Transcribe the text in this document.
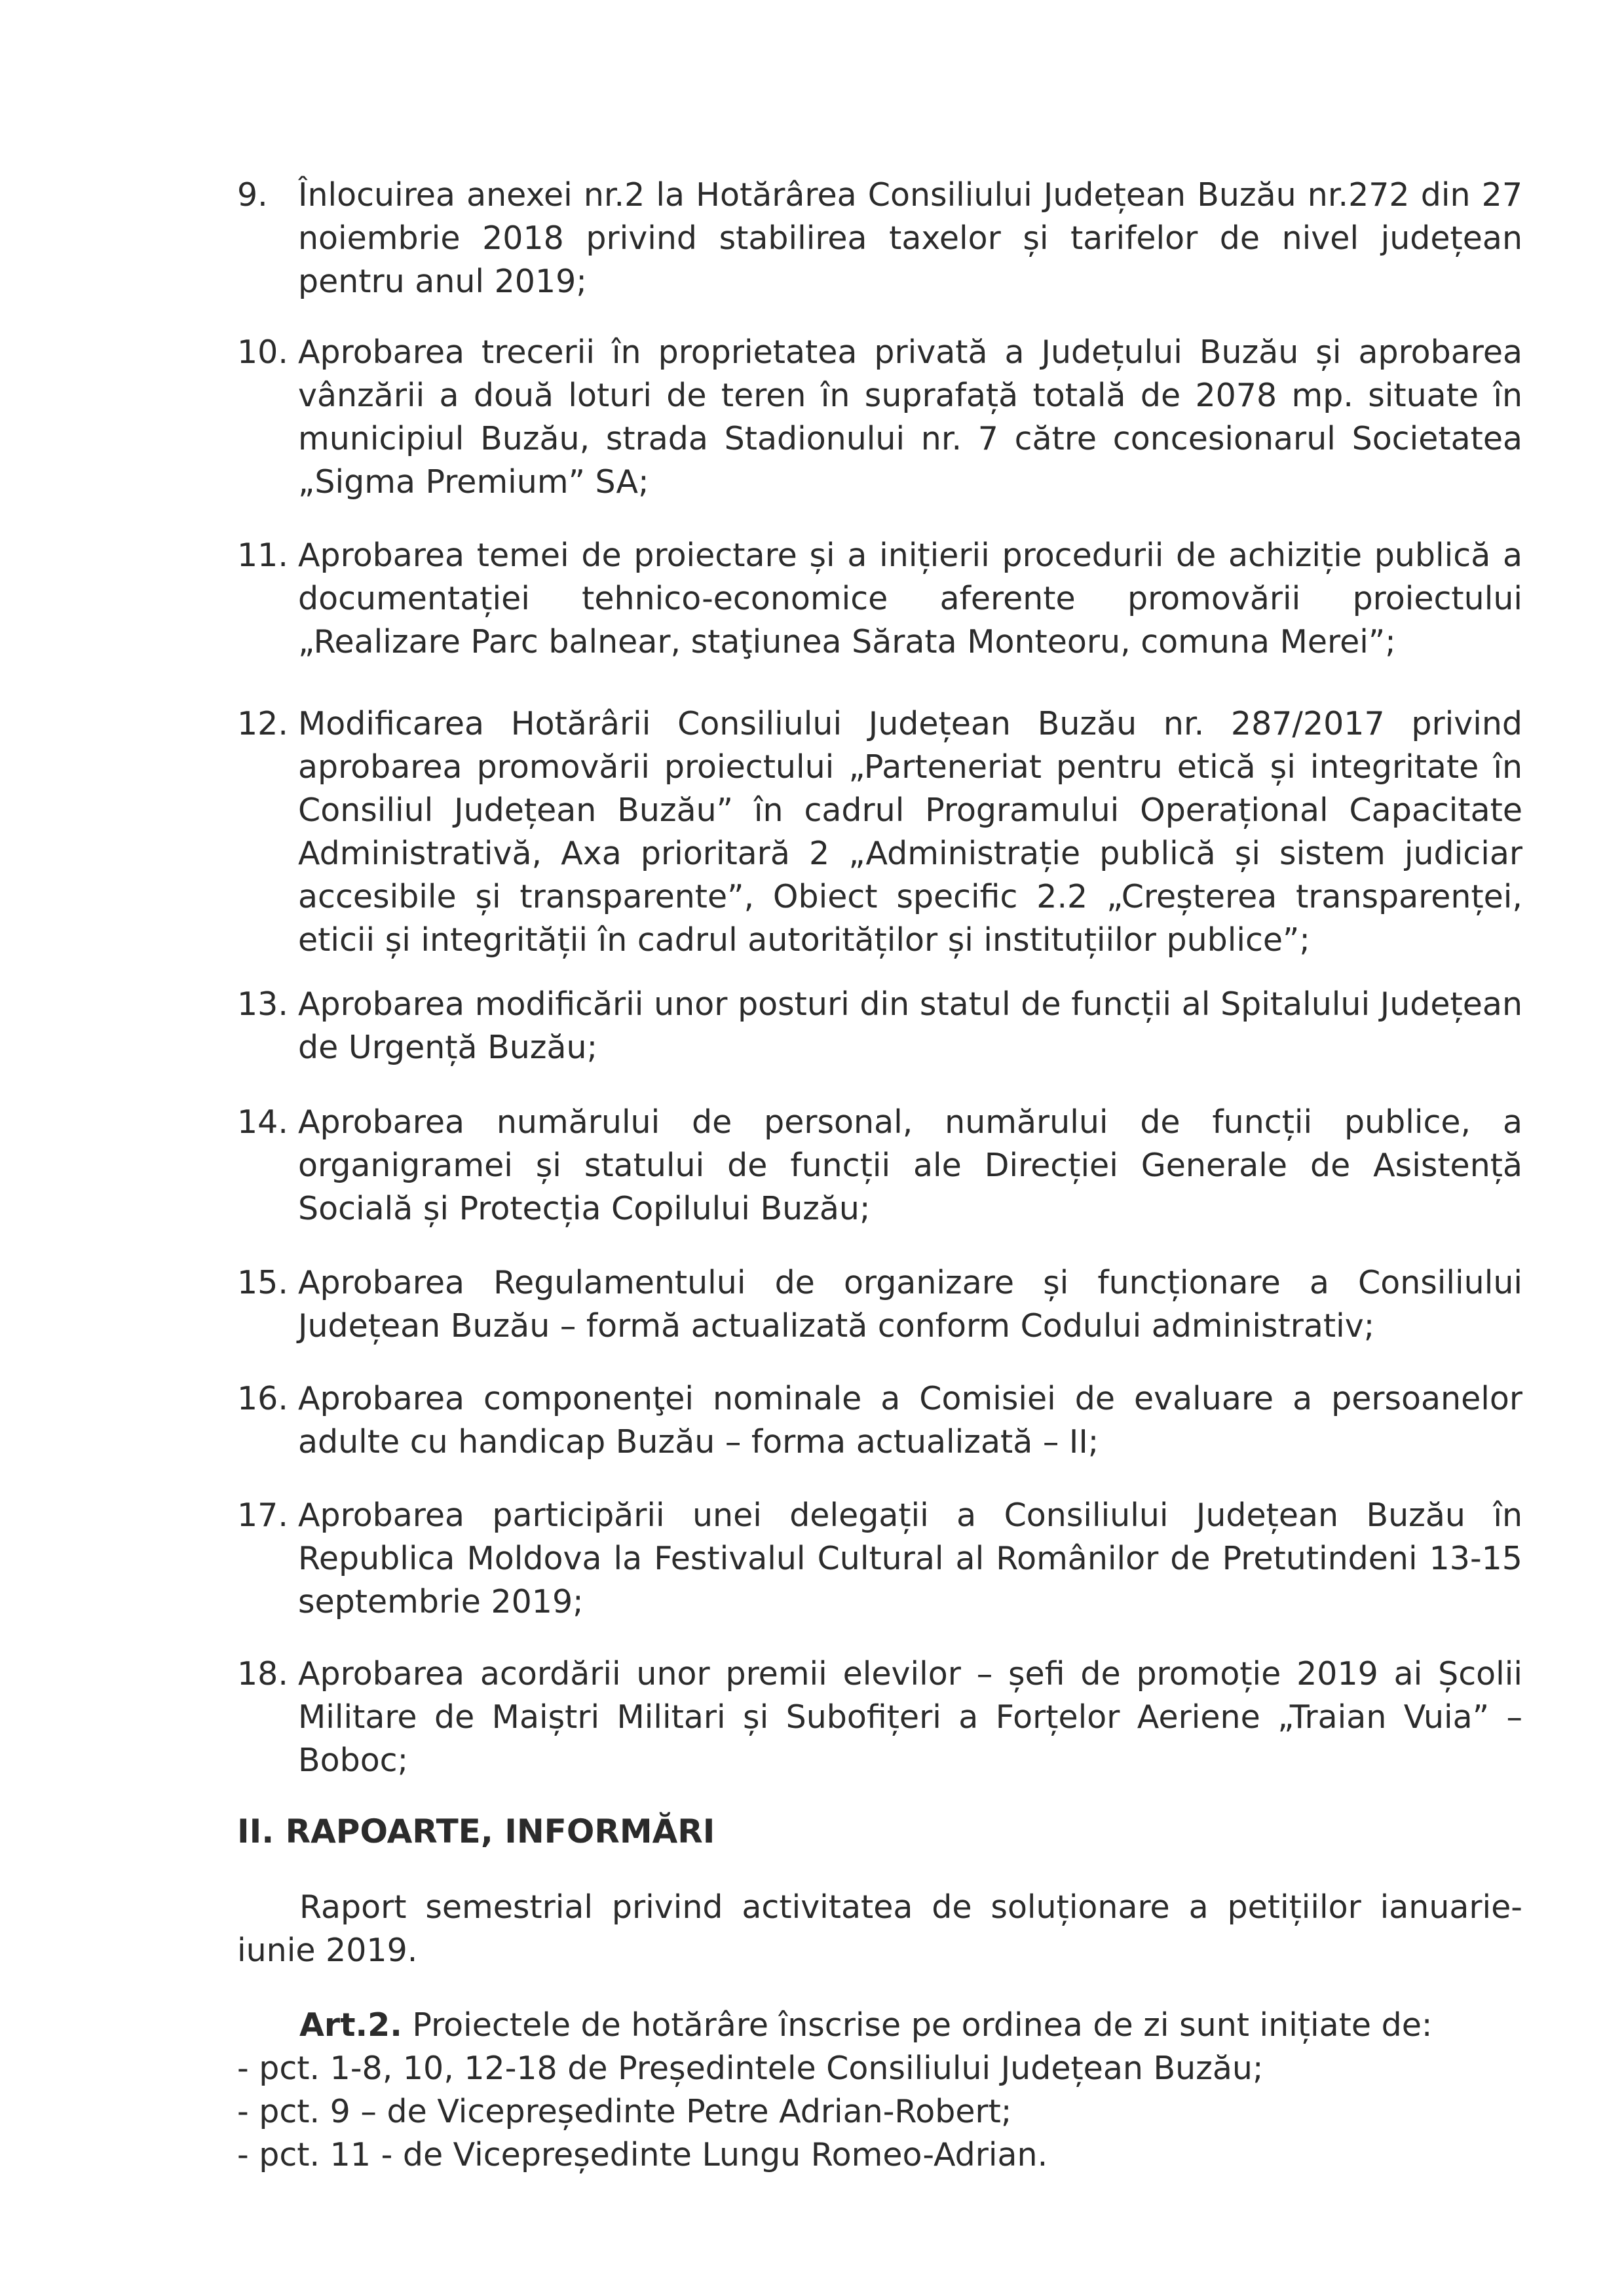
9. Înlocuirea anexei nr.2 la Hotărârea Consiliului Județean Buzău nr.272 din 27 noiembrie 2018 privind stabilirea taxelor și tarifelor de nivel județean pentru anul 2019;
10. Aprobarea trecerii în proprietatea privată a Județului Buzău și aprobarea vânzării a două loturi de teren în suprafață totală de 2078 mp. situate în municipiul Buzău, strada Stadionului nr. 7 către concesionarul Societatea „Sigma Premium” SA;
11. Aprobarea temei de proiectare și a inițierii procedurii de achiziție publică a documentației tehnico-economice aferente promovării proiectului „Realizare Parc balnear, staţiunea Sărata Monteoru, comuna Merei”;
12. Modificarea Hotărârii Consiliului Județean Buzău nr. 287/2017 privind aprobarea promovării proiectului „Parteneriat pentru etică și integritate în Consiliul Județean Buzău” în cadrul Programului Operațional Capacitate Administrativă, Axa prioritară 2 „Administrație publică și sistem judiciar accesibile și transparente”, Obiect specific 2.2 „Creșterea transparenței, eticii și integrității în cadrul autorităților și instituțiilor publice”;
13. Aprobarea modificării unor posturi din statul de funcții al Spitalului Județean de Urgență Buzău;
14. Aprobarea numărului de personal, numărului de funcții publice, a organigramei și statului de funcții ale Direcției Generale de Asistență Socială și Protecția Copilului Buzău;
15. Aprobarea Regulamentului de organizare și funcționare a Consiliului Județean Buzău – formă actualizată conform Codului administrativ;
16. Aprobarea componenţei nominale a Comisiei de evaluare a persoanelor adulte cu handicap Buzău – forma actualizată – II;
17. Aprobarea participării unei delegații a Consiliului Județean Buzău în Republica Moldova la Festivalul Cultural al Românilor de Pretutindeni 13-15 septembrie 2019;
18. Aprobarea acordării unor premii elevilor – șefi de promoție 2019 ai Școlii Militare de Maiștri Militari și Subofițeri a Forțelor Aeriene „Traian Vuia” – Boboc;
II. RAPOARTE, INFORMĂRI
Raport semestrial privind activitatea de soluționare a petițiilor ianuarie-iunie 2019.
Art.2. Proiectele de hotărâre înscrise pe ordinea de zi sunt inițiate de:
- pct. 1-8, 10, 12-18 de Președintele Consiliului Județean Buzău;
- pct. 9 – de Vicepreședinte Petre Adrian-Robert;
- pct. 11 - de Vicepreședinte Lungu Romeo-Adrian.
